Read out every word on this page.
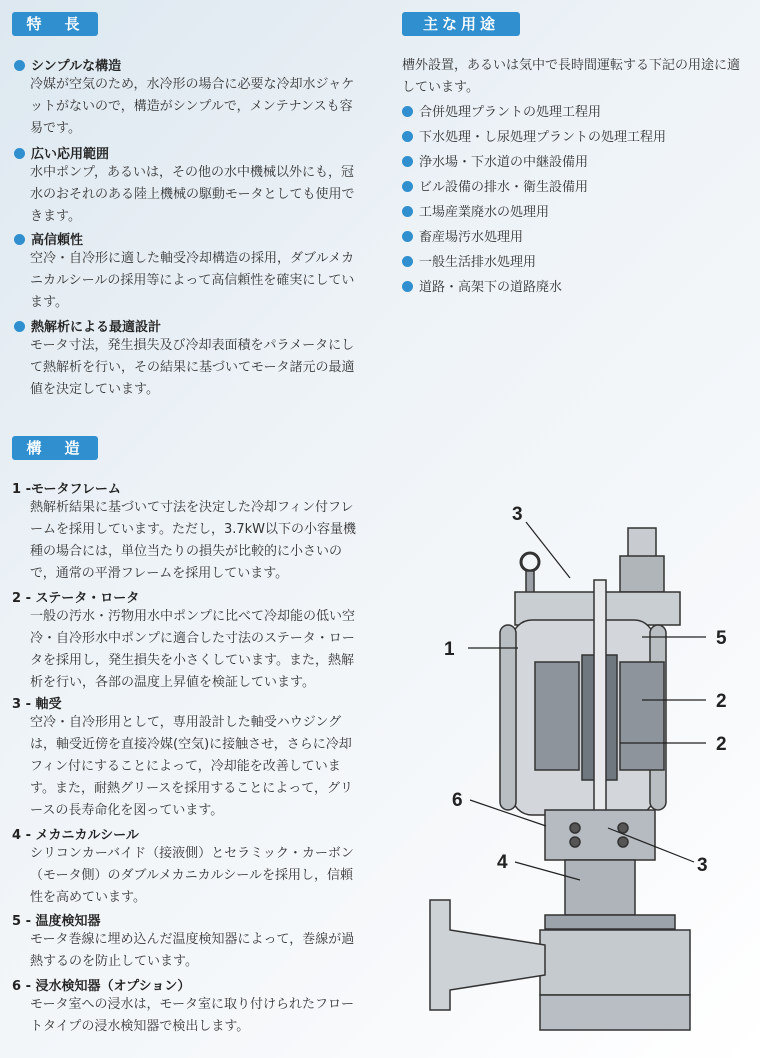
特　長
シンプルな構造
冷媒が空気のため，水冷形の場合に必要な冷却水ジャケットがないので，構造がシンプルで，メンテナンスも容易です。
広い応用範囲
水中ポンプ，あるいは，その他の水中機械以外にも，冠水のおそれのある陸上機械の駆動モータとしても使用できます。
高信頼性
空冷・自冷形に適した軸受冷却構造の採用，ダブルメカニカルシールの採用等によって高信頼性を確実にしています。
熱解析による最適設計
モータ寸法，発生損失及び冷却表面積をパラメータにして熱解析を行い，その結果に基づいてモータ諸元の最適値を決定しています。
主な用途
槽外設置，あるいは気中で長時間運転する下記の用途に適しています。
合併処理プラントの処理工程用
下水処理・し尿処理プラントの処理工程用
浄水場・下水道の中継設備用
ビル設備の排水・衛生設備用
工場産業廃水の処理用
畜産場汚水処理用
一般生活排水処理用
道路・高架下の道路廃水
構　造
1 -モータフレーム
熱解析結果に基づいて寸法を決定した冷却フィン付フレームを採用しています。ただし，3.7kW以下の小容量機種の場合には，単位当たりの損失が比較的に小さいので，通常の平滑フレームを採用しています。
2 - ステータ・ロータ
一般の汚水・汚物用水中ポンプに比べて冷却能の低い空冷・自冷形水中ポンプに適合した寸法のステータ・ロータを採用し，発生損失を小さくしています。また，熱解析を行い，各部の温度上昇値を検証しています。
3 - 軸受
空冷・自冷形用として，専用設計した軸受ハウジングは，軸受近傍を直接冷媒(空気)に接触させ，さらに冷却フィン付にすることによって，冷却能を改善しています。また，耐熱グリースを採用することによって，グリースの長寿命化を図っています。
4 - メカニカルシール
シリコンカーバイド（接液側）とセラミック・カーボン（モータ側）のダブルメカニカルシールを採用し，信頼性を高めています。
5 - 温度検知器
モータ巻線に埋め込んだ温度検知器によって，巻線が過熱するのを防止しています。
6 - 浸水検知器（オプション）
モータ室への浸水は，モータ室に取り付けられたフロートタイプの浸水検知器で検出します。
3
1
5
2
2
6
3
4
